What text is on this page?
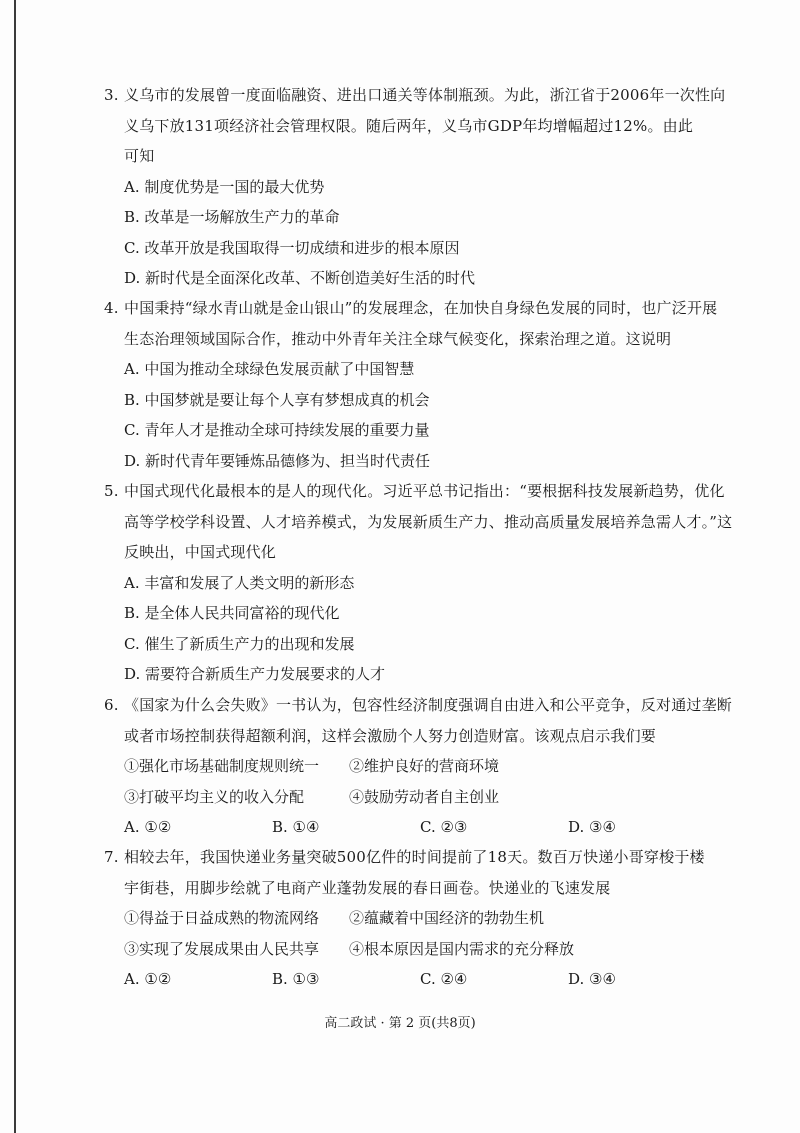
3. 义乌市的发展曾一度面临融资、进出口通关等体制瓶颈。为此，浙江省于2006年一次性向
义乌下放131项经济社会管理权限。随后两年，义乌市GDP年均增幅超过12%。由此
可知
A. 制度优势是一国的最大优势
B. 改革是一场解放生产力的革命
C. 改革开放是我国取得一切成绩和进步的根本原因
D. 新时代是全面深化改革、不断创造美好生活的时代
4. 中国秉持“绿水青山就是金山银山”的发展理念，在加快自身绿色发展的同时，也广泛开展
生态治理领域国际合作，推动中外青年关注全球气候变化，探索治理之道。这说明
A. 中国为推动全球绿色发展贡献了中国智慧
B. 中国梦就是要让每个人享有梦想成真的机会
C. 青年人才是推动全球可持续发展的重要力量
D. 新时代青年要锤炼品德修为、担当时代责任
5. 中国式现代化最根本的是人的现代化。习近平总书记指出：“要根据科技发展新趋势，优化
高等学校学科设置、人才培养模式，为发展新质生产力、推动高质量发展培养急需人才。”这
反映出，中国式现代化
A. 丰富和发展了人类文明的新形态
B. 是全体人民共同富裕的现代化
C. 催生了新质生产力的出现和发展
D. 需要符合新质生产力发展要求的人才
6. 《国家为什么会失败》一书认为，包容性经济制度强调自由进入和公平竞争，反对通过垄断
或者市场控制获得超额利润，这样会激励个人努力创造财富。该观点启示我们要
①强化市场基础制度规则统一	②维护良好的营商环境
③打破平均主义的收入分配	④鼓励劳动者自主创业
A. ①②	B. ①④	C. ②③	D. ③④
7. 相较去年，我国快递业务量突破500亿件的时间提前了18天。数百万快递小哥穿梭于楼
宇街巷，用脚步绘就了电商产业蓬勃发展的春日画卷。快递业的飞速发展
①得益于日益成熟的物流网络	②蕴藏着中国经济的勃勃生机
③实现了发展成果由人民共享	④根本原因是国内需求的充分释放
A. ①②	B. ①③	C. ②④	D. ③④
高二政试 · 第 2 页(共8页)
